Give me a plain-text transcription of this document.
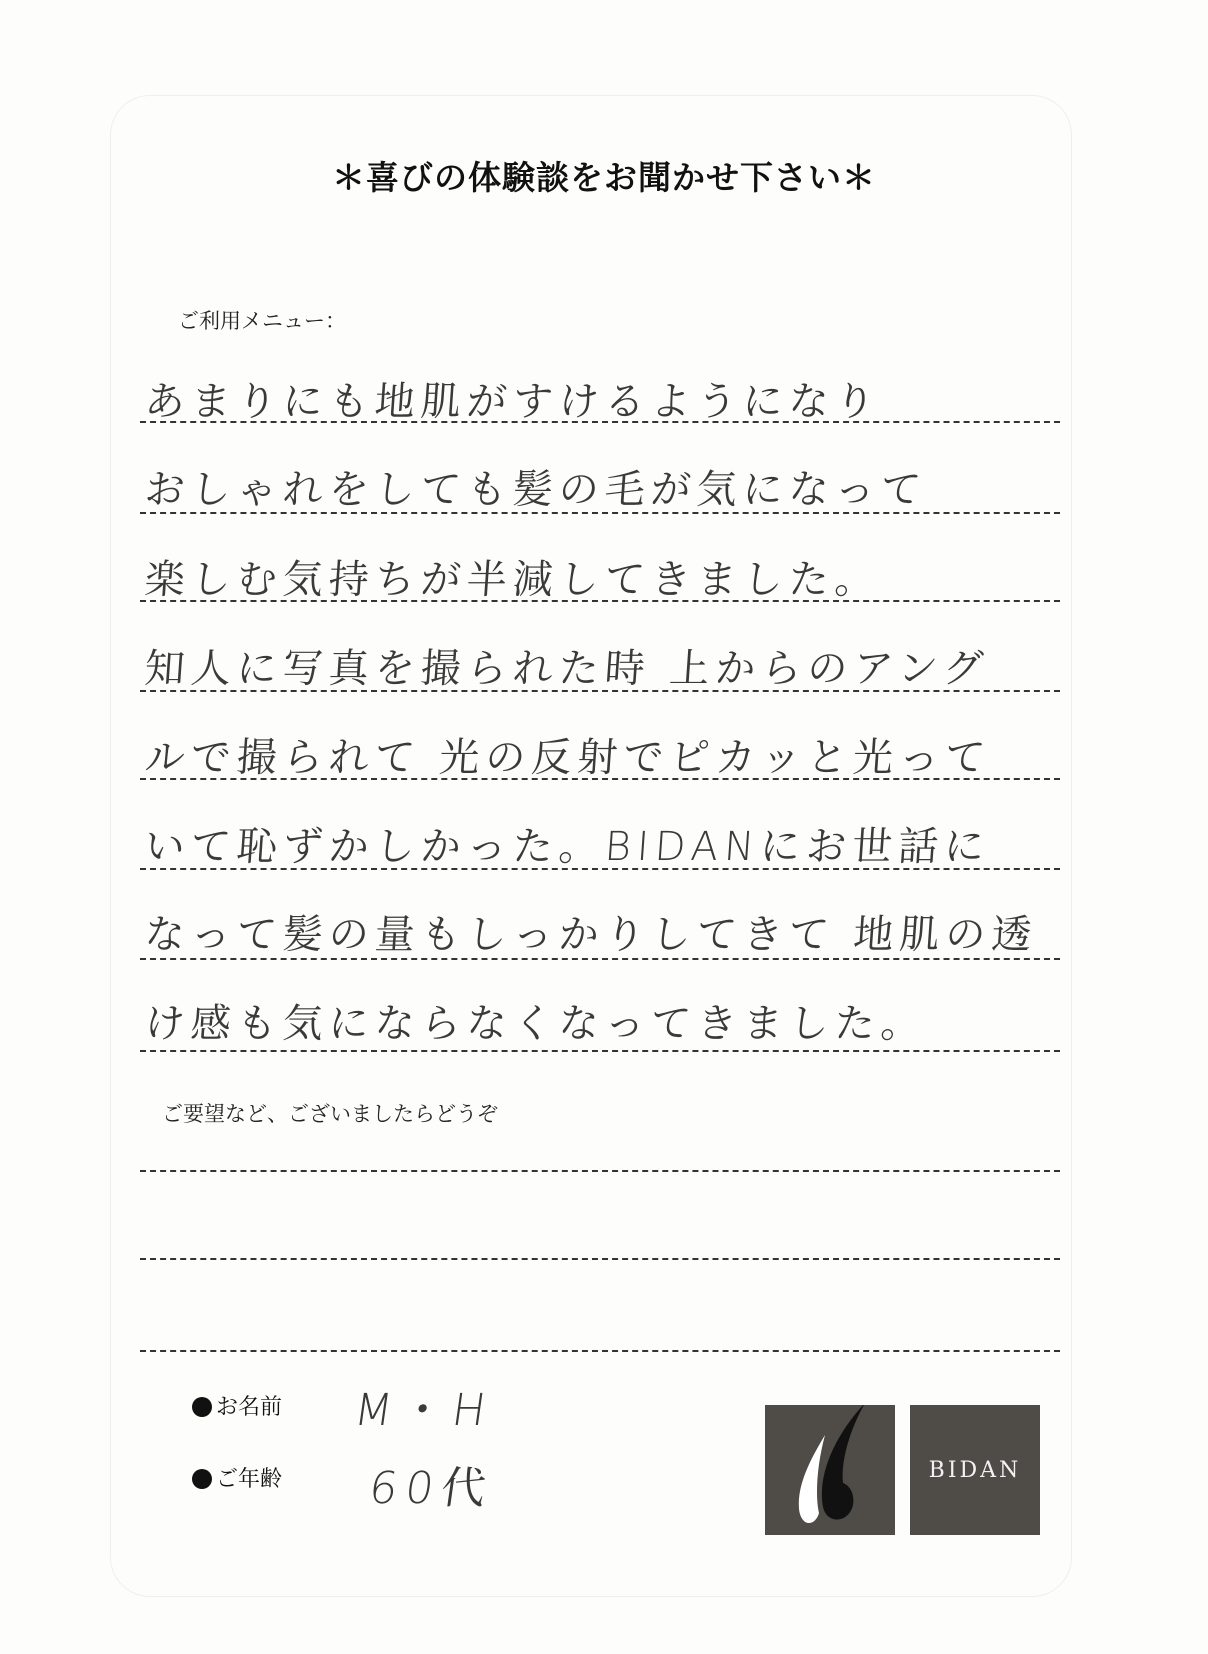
＊喜びの体験談をお聞かせ下さい＊
ご利用メニュー：
あまりにも地肌がすけるようになり
おしゃれをしても髪の毛が気になって
楽しむ気持ちが半減してきました。
知人に写真を撮られた時 上からのアング
ルで撮られて 光の反射でピカッと光って
いて恥ずかしかった。BIDANにお世話に
なって髪の量もしっかりしてきて 地肌の透
け感も気にならなくなってきました。
ご要望など、ございましたらどうぞ
お名前 M・H
ご年齢 60代	BIDAN
